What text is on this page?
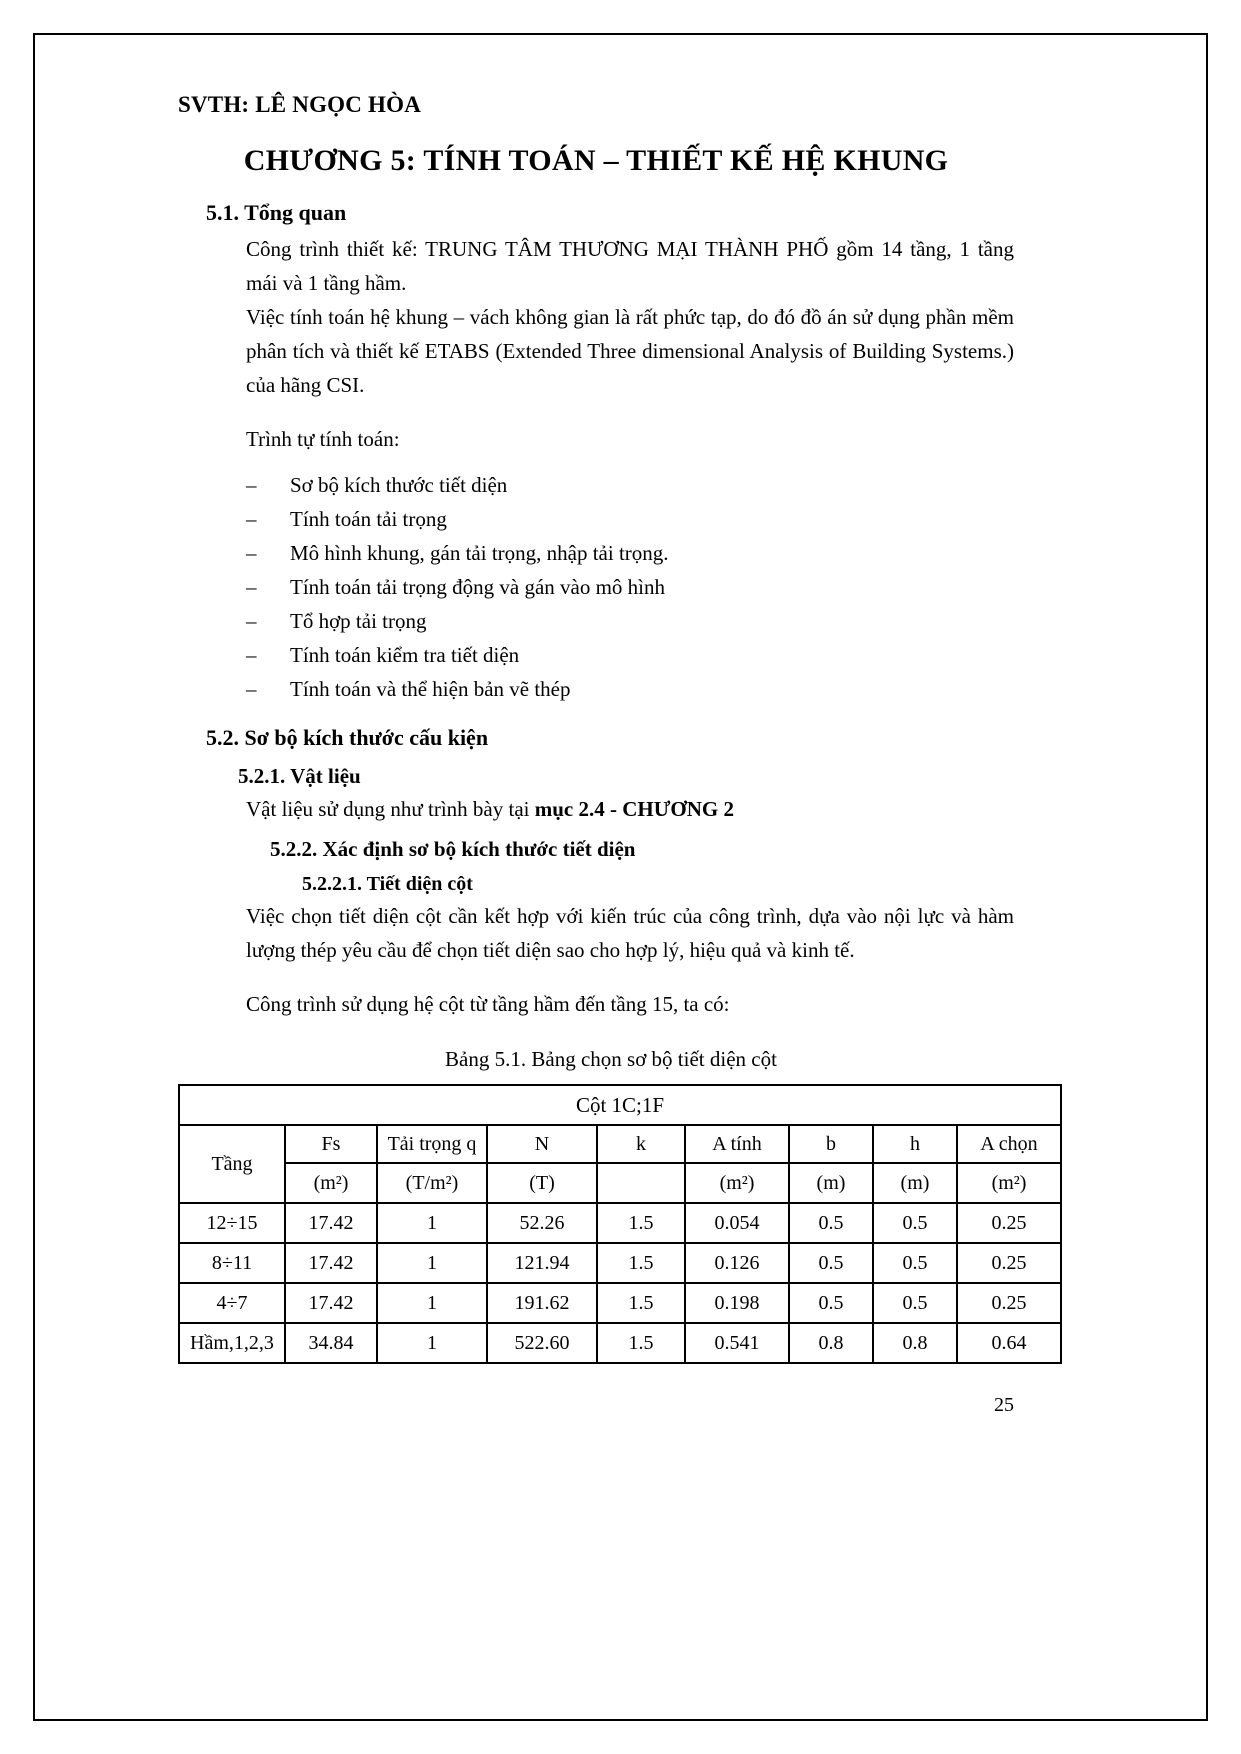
SVTH: LÊ NGỌC HÒA
CHƯƠNG 5: TÍNH TOÁN – THIẾT KẾ HỆ KHUNG
5.1. Tổng quan

Công trình thiết kế: TRUNG TÂM THƯƠNG MẠI THÀNH PHỐ gồm 14 tầng, 1 tầng mái và 1 tầng hầm.

Việc tính toán hệ khung – vách không gian là rất phức tạp, do đó đồ án sử dụng phần mềm phân tích và thiết kế ETABS (Extended Three dimensional Analysis of Building Systems.) của hãng CSI.

Trình tự tính toán:

– Sơ bộ kích thước tiết diện
– Tính toán tải trọng
– Mô hình khung, gán tải trọng, nhập tải trọng.
– Tính toán tải trọng động và gán vào mô hình
– Tổ hợp tải trọng
– Tính toán kiểm tra tiết diện
– Tính toán và thể hiện bản vẽ thép
5.2. Sơ bộ kích thước cấu kiện
5.2.1. Vật liệu

Vật liệu sử dụng như trình bày tại mục 2.4 - CHƯƠNG 2

5.2.2. Xác định sơ bộ kích thước tiết diện
5.2.2.1. Tiết diện cột

Việc chọn tiết diện cột cần kết hợp với kiến trúc của công trình, dựa vào nội lực và hàm lượng thép yêu cầu để chọn tiết diện sao cho hợp lý, hiệu quả và kinh tế.

Công trình sử dụng hệ cột từ tầng hầm đến tầng 15, ta có:

Bảng 5.1. Bảng chọn sơ bộ tiết diện cột
Cột 1C;1F								
Tầng	Fs	Tải trọng q	N	k	A tính	b	h	A chọn
	(m²)	(T/m²)	(T)		(m²)	(m)	(m)	(m²)
12÷15	17.42	1	52.26	1.5	0.054	0.5	0.5	0.25
8÷11	17.42	1	121.94	1.5	0.126	0.5	0.5	0.25
4÷7	17.42	1	191.62	1.5	0.198	0.5	0.5	0.25
Hầm,1,2,3	34.84	1	522.60	1.5	0.541	0.8	0.8	0.64
25
